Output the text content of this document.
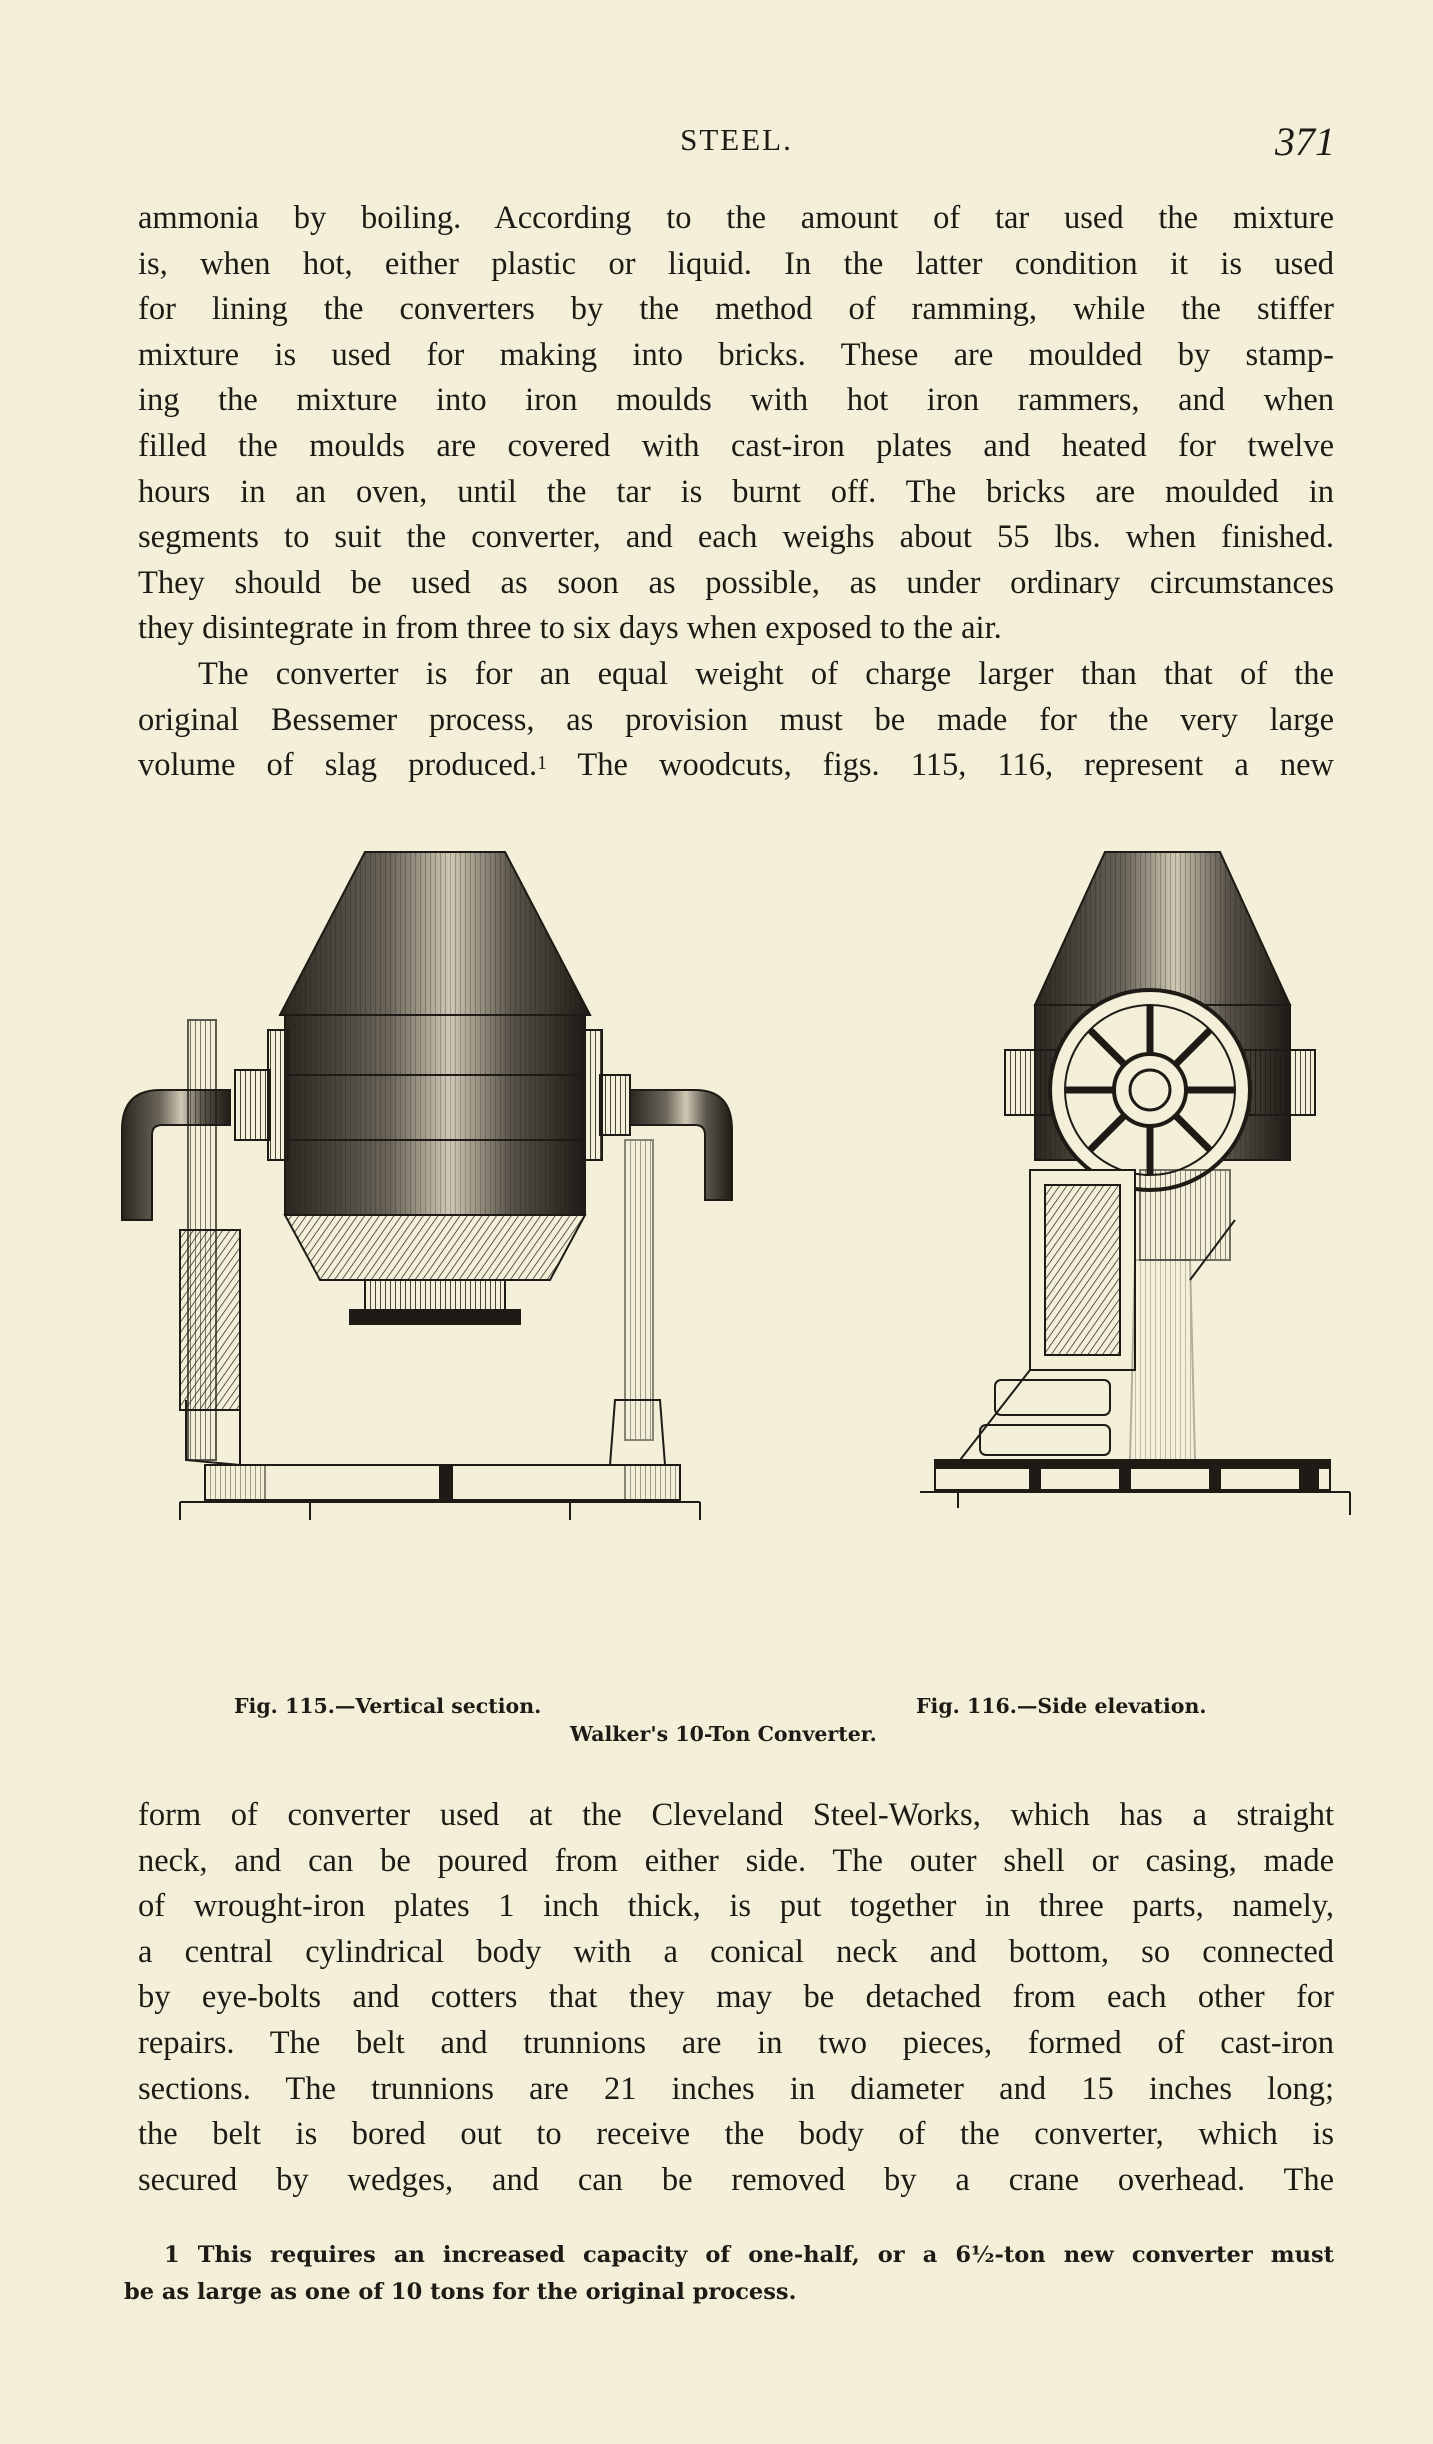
STEEL.	371
ammonia by boiling. According to the amount of tar used the mixture
is, when hot, either plastic or liquid. In the latter condition it is used
for lining the converters by the method of ramming, while the stiffer
mixture is used for making into bricks. These are moulded by stamp-
ing the mixture into iron moulds with hot iron rammers, and when
filled the moulds are covered with cast-iron plates and heated for twelve
hours in an oven, until the tar is burnt off. The bricks are moulded in
segments to suit the converter, and each weighs about 55 lbs. when finished.
They should be used as soon as possible, as under ordinary circumstances
they disintegrate in from three to six days when exposed to the air.
The converter is for an equal weight of charge larger than that of the
original Bessemer process, as provision must be made for the very large
volume of slag produced.$^1$ The woodcuts, figs. 115, 116, represent a new
Fig. 115.—Vertical section.	Fig. 116.—Side elevation.
Walker's 10-Ton Converter.
form of converter used at the Cleveland Steel-Works, which has a straight
neck, and can be poured from either side. The outer shell or casing, made
of wrought-iron plates 1 inch thick, is put together in three parts, namely,
a central cylindrical body with a conical neck and bottom, so connected
by eye-bolts and cotters that they may be detached from each other for
repairs. The belt and trunnions are in two pieces, formed of cast-iron
sections. The trunnions are 21 inches in diameter and 15 inches long;
the belt is bored out to receive the body of the converter, which is
secured by wedges, and can be removed by a crane overhead. The
1 This requires an increased capacity of one-half, or a 6½-ton new converter must
be as large as one of 10 tons for the original process.
